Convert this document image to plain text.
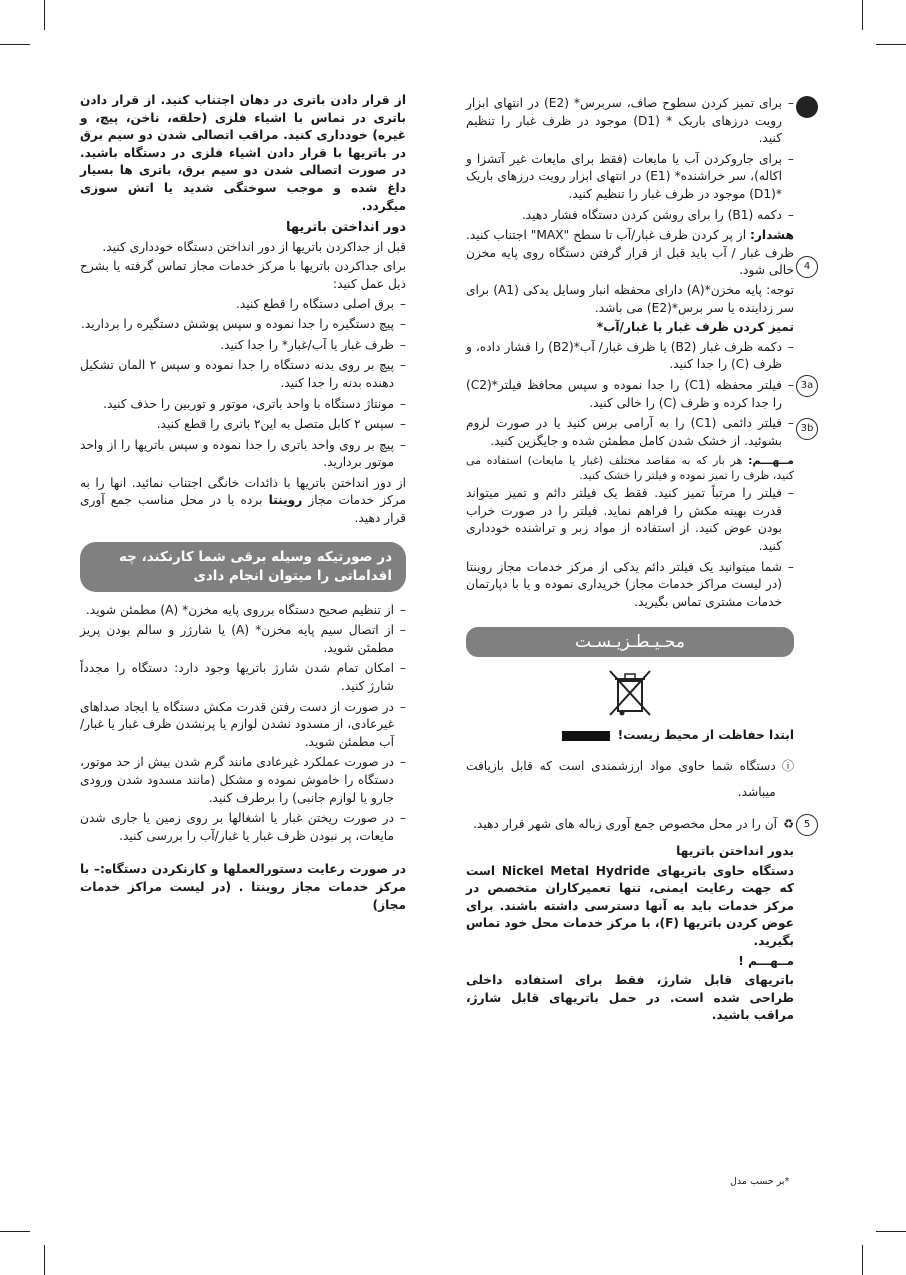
4
3a
3b
5

از قرار دادن باتری در دهان اجتناب کنید. از قرار دادن باتری در تماس با اشیاء فلزی (حلقه، ناخن، پیچ، و غیره) خودداری کنید. مراقب اتصالی شدن دو سیم برق در باتریها با قرار دادن اشیاء فلزی در دستگاه باشید. در صورت اتصالی شدن دو سیم برق، باتری ها بسیار داغ شده و موجب سوختگی شدید یا اتش سوزی میگردد.

دور انداختن باتریها

قبل از جداکردن باتریها از دور انداختن دستگاه خودداری کنید.

برای جداکردن باتریها با مرکز خدمات مجاز تماس گرفته یا بشرح ذیل عمل کنید:

– برق اصلی دستگاه را قطع کنید.
– پیچ دستگیره را جدا نموده و سپس پوشش دستگیره را بردارید.
– ظرف غبار یا آب/غبار* را جدا کنید.
– پیچ بر روی بدنه دستگاه را جدا نموده و سپس ٢ المان تشکیل دهنده بدنه را جدا کنید.
– مونتاژ دستگاه با واحد باتری، موتور و توربین را حذف کنید.
– سپس ٢ کابل متصل به این٢ باتری را قطع کنید.
– پیچ بر روی واحد باتری را جدا نموده و سپس باتریها را از واحد موتور بردارید.

از دور انداختن باتریها با ذائدات خانگی اجتناب نمائید. انها را به مرکز خدمات مجاز روینتا برده یا در محل مناسب جمع آوری قرار دهید.

در صورتیکه وسیله برقی شما کارنکند، چه اقداماتی را میتوان انجام دادی
– از تنظیم صحیح دستگاه برروی پایه مخزن* (A) مطمئن شوید.
– از اتصال سیم پایه مخزن* (A) یا شارژر و سالم بودن پریز مطمئن شوید.
– امکان تمام شدن شارژ باتریها وجود دارد: دستگاه را مجدداً شارژ کنید.
– در صورت از دست رفتن قدرت مکش دستگاه یا ایجاد صداهای غیرعادی، از مسدود نشدن لوازم یا پرنشدن ظرف غبار یا غبار/آب مطمئن شوید.
– در صورت عملکرد غیرعادی مانند گرم شدن بیش از حد موتور، دستگاه را خاموش نموده و مشکل (مانند مسدود شدن ورودی جارو یا لوازم جانبی) را برطرف کنید.
– در صورت ریختن غبار یا اشغالها بر روی زمین یا جاری شدن مایعات، پر نبودن ظرف غبار یا غبار/آب را بررسی کنید.

در صورت رعایت دستورالعملها و کارنکردن دستگاه:– با مرکز خدمات مجاز روینتا . (در لیست مراکز خدمات مجاز)

– برای تمیز کردن سطوح صاف، سربرس* (E2) در انتهای ابزار رویت درزهای باریک * (D1) موجود در ظرف غبار را تنظیم کنید.
– برای جاروکردن آب یا مایعات (فقط برای مایعات غیر آتشزا و اکاله)، سر خراشنده* (E1) در انتهای ابزار رویت درزهای باریک *(D1) موجود در ظرف غبار را تنظیم کنید.
– دکمه (B1) را برای روشن کردن دستگاه فشار دهید.

هشدار: از پر کردن ظرف غبار/آب تا سطح "MAX" اجتناب کنید. ظرف غبار / آب باید قبل از قرار گرفتن دستگاه روی پایه مخزن خالی شود.

توجه: پایه مخزن*(A) دارای محفظه انبار وسایل یدکی (A1) برای سر زداینده یا سر برس*(E2) می باشد.

تمیز کردن ظرف غبار یا غبار/آب*

– دکمه ظرف غبار (B2) یا ظرف غبار/ آب*(B2) را فشار داده، و ظرف (C) را جدا کنید.
– فیلتر محفظه (C1) را جدا نموده و سپس محافظ فیلتر*(C2) را جدا کرده و ظرف (C) را خالی کنید.
– فیلتر دائمی (C1) را به آرامی برس کنید یا در صورت لزوم بشوئید. از خشک شدن کامل مطمئن شده و جایگزین کنید.

مــهـــم: هر بار که به مقاصد مختلف (غبار یا مایعات) استفاده می کنید، ظرف را تمیز نموده و فیلتر را خشک کنید.

– فیلتر را مرتباً تمیز کنید. فقط یک فیلتر دائم و تمیز میتواند قدرت بهینه مکش را فراهم نماید. فیلتر را در صورت خراب بودن عوض کنید. از استفاده از مواد زبر و تراشنده خودداری کنید.
– شما میتوانید یک فیلتر دائم یدکی از مرکز خدمات مجاز روینتا (در لیست مراکز خدمات مجاز) خریداری نموده و یا با دپارتمان خدمات مشتری تماس بگیرید.
محـیـطـزیـسـت
ابتدا حفاظت از محیط زیست!
ⓘ
دستگاه شما حاوی مواد ارزشمندی است که قابل بازیافت میباشد.
♻
آن را در محل مخصوص جمع آوری زباله های شهر قرار دهید.

بدور انداختن باتریها

دستگاه حاوی باتریهای Nickel Metal Hydride است که جهت رعایت ایمنی، تنها تعمیرکاران متخصص در مرکز خدمات باید به آنها دسترسی داشته باشند. برای عوض کردن باتریها (F)، با مرکز خدمات محل خود تماس بگیرید.

مــهـــم !

باتریهای قابل شارژ، فقط برای استفاده داخلی طراحی شده است. در حمل باتریهای قابل شارژ، مراقب باشید.

*بر حسب مدل
